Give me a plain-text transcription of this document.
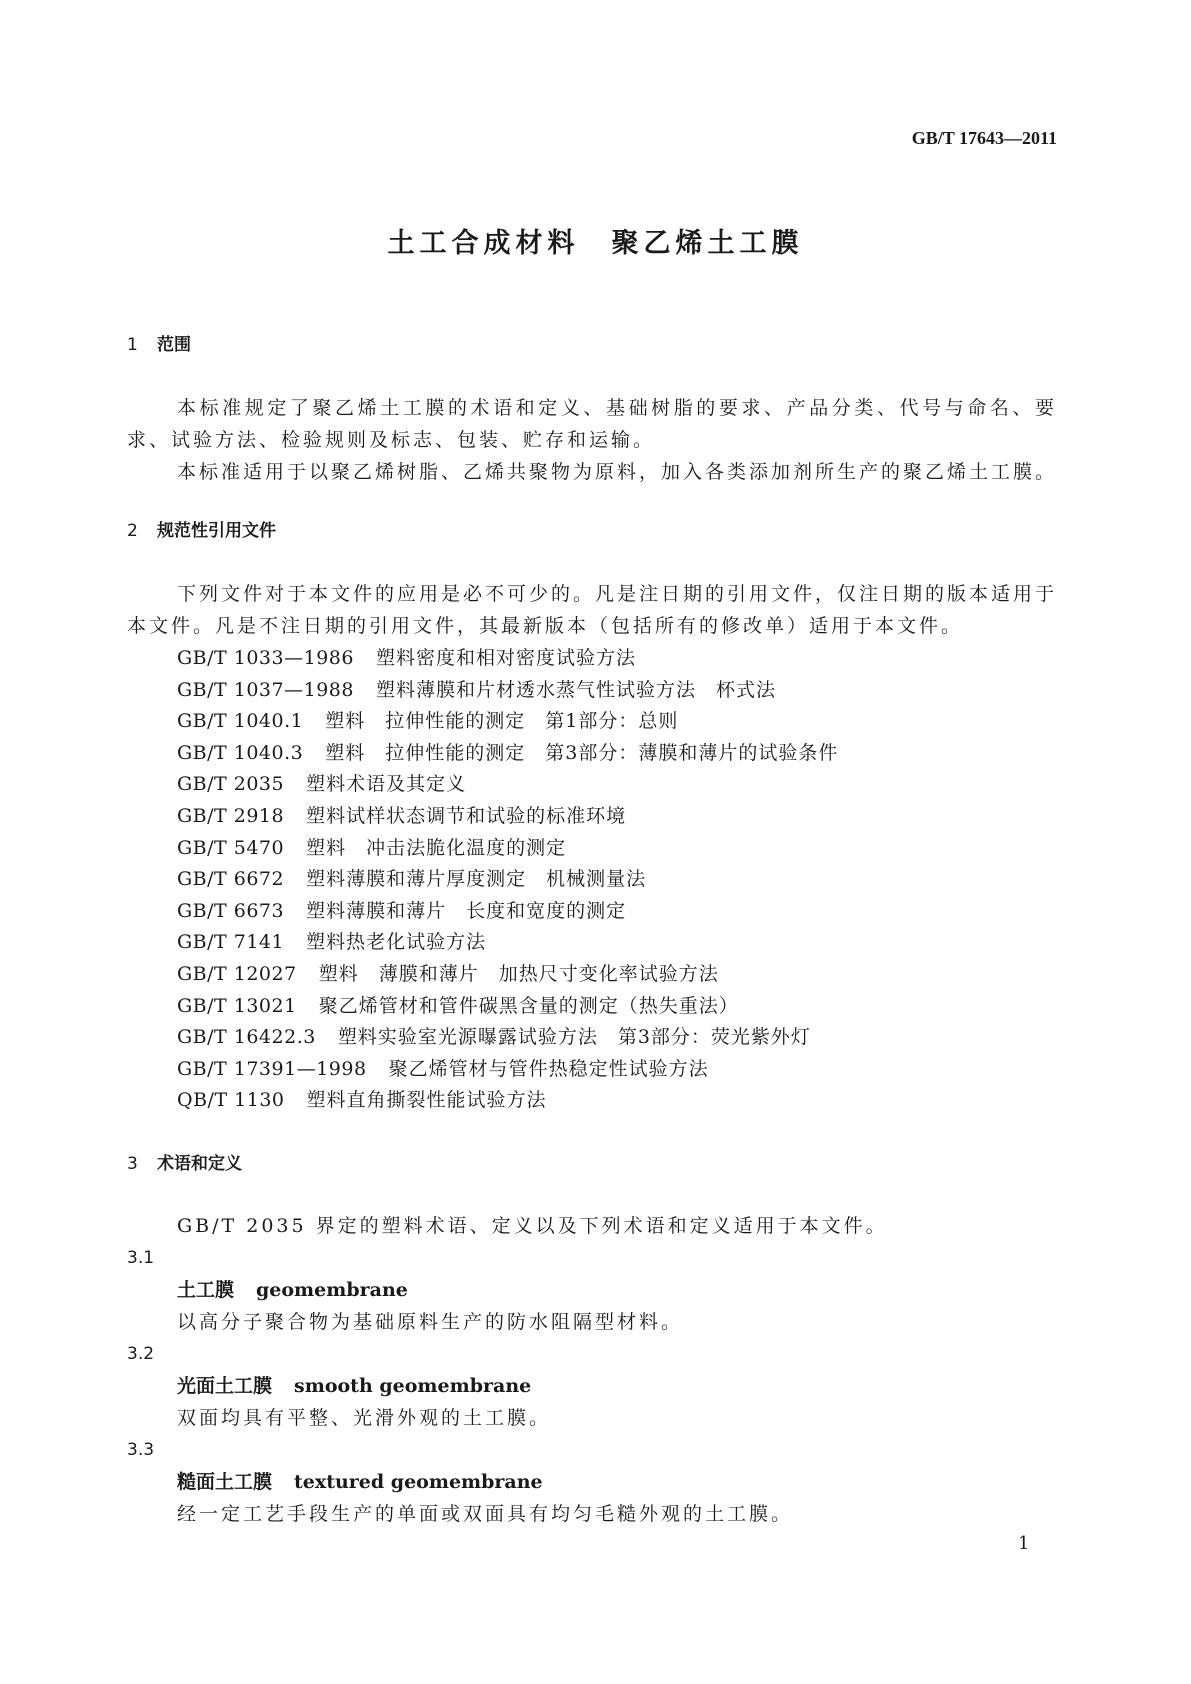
GB/T 17643—2011
土工合成材料　聚乙烯土工膜
1 范围
本标准规定了聚乙烯土工膜的术语和定义、基础树脂的要求、产品分类、代号与命名、要求、试验方法、检验规则及标志、包装、贮存和运输。
本标准适用于以聚乙烯树脂、乙烯共聚物为原料，加入各类添加剂所生产的聚乙烯土工膜。
2 规范性引用文件
下列文件对于本文件的应用是必不可少的。凡是注日期的引用文件，仅注日期的版本适用于本文件。凡是不注日期的引用文件，其最新版本（包括所有的修改单）适用于本文件。
GB/T 1033—1986 塑料密度和相对密度试验方法
GB/T 1037—1988 塑料薄膜和片材透水蒸气性试验方法　杯式法
GB/T 1040.1 塑料　拉伸性能的测定　第1部分：总则
GB/T 1040.3 塑料　拉伸性能的测定　第3部分：薄膜和薄片的试验条件
GB/T 2035 塑料术语及其定义
GB/T 2918 塑料试样状态调节和试验的标准环境
GB/T 5470 塑料　冲击法脆化温度的测定
GB/T 6672 塑料薄膜和薄片厚度测定　机械测量法
GB/T 6673 塑料薄膜和薄片　长度和宽度的测定
GB/T 7141 塑料热老化试验方法
GB/T 12027 塑料　薄膜和薄片　加热尺寸变化率试验方法
GB/T 13021 聚乙烯管材和管件碳黑含量的测定（热失重法）
GB/T 16422.3 塑料实验室光源曝露试验方法　第3部分：荧光紫外灯
GB/T 17391—1998 聚乙烯管材与管件热稳定性试验方法
QB/T 1130 塑料直角撕裂性能试验方法
3 术语和定义
GB/T 2035 界定的塑料术语、定义以及下列术语和定义适用于本文件。
3.1
土工膜 geomembrane
以高分子聚合物为基础原料生产的防水阻隔型材料。
3.2
光面土工膜 smooth geomembrane
双面均具有平整、光滑外观的土工膜。
3.3
糙面土工膜 textured geomembrane
经一定工艺手段生产的单面或双面具有均匀毛糙外观的土工膜。
1
